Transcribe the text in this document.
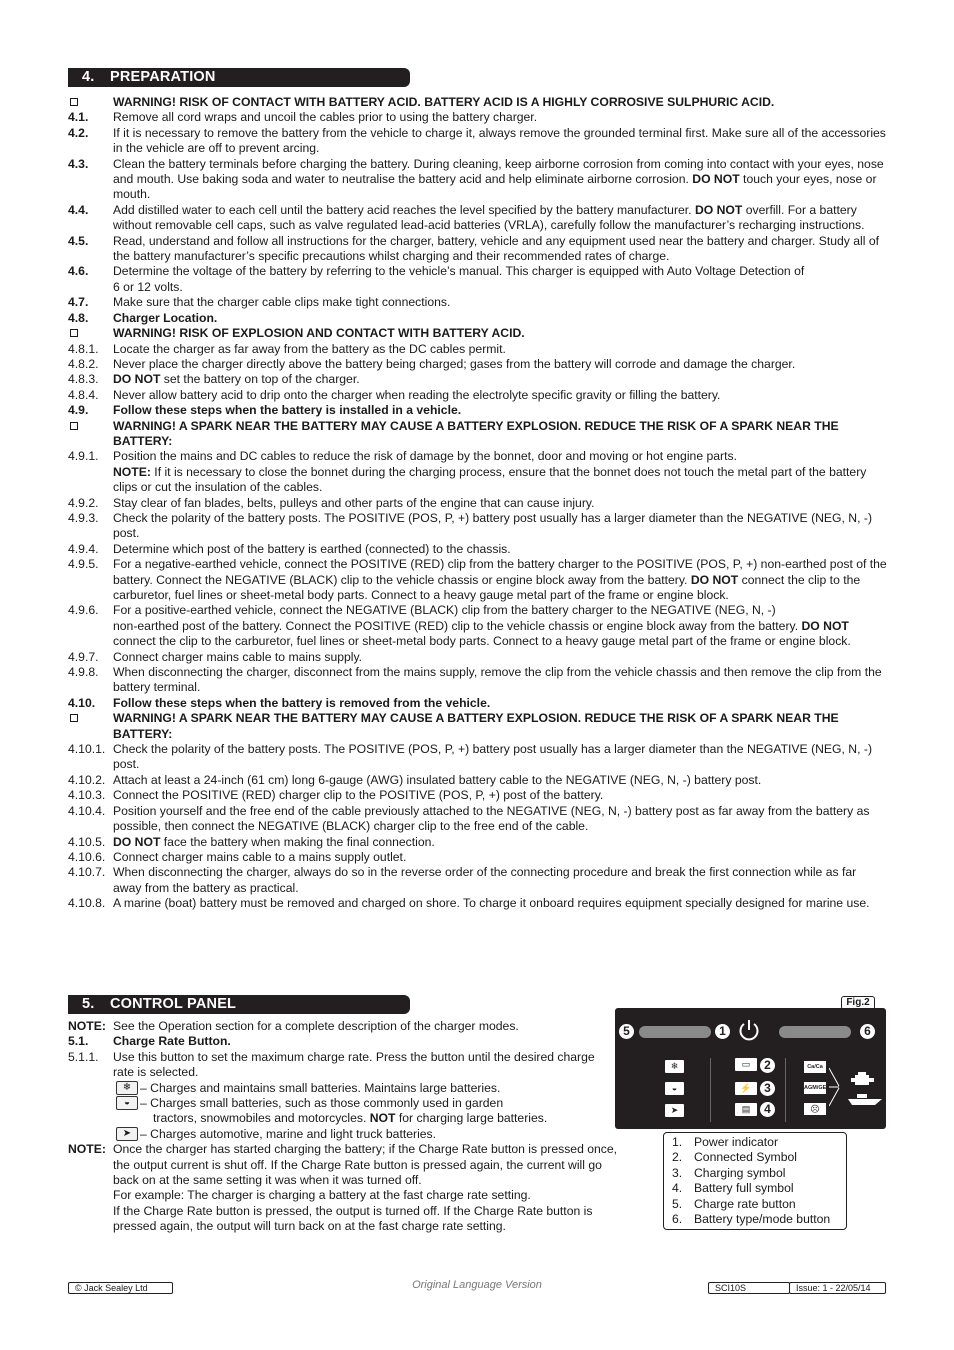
4. PREPARATION
WARNING! RISK OF CONTACT WITH BATTERY ACID. BATTERY ACID IS A HIGHLY CORROSIVE SULPHURIC ACID.
4.1.	Remove all cord wraps and uncoil the cables prior to using the battery charger.
4.2.	If it is necessary to remove the battery from the vehicle to charge it, always remove the grounded terminal first. Make sure all of the accessories in the vehicle are off to prevent arcing.
4.3.	Clean the battery terminals before charging the battery. During cleaning, keep airborne corrosion from coming into contact with your eyes, nose and mouth. Use baking soda and water to neutralise the battery acid and help eliminate airborne corrosion. DO NOT touch your eyes, nose or mouth.
4.4.	Add distilled water to each cell until the battery acid reaches the level specified by the battery manufacturer. DO NOT overfill. For a battery without removable cell caps, such as valve regulated lead-acid batteries (VRLA), carefully follow the manufacturer’s recharging instructions.
4.5.	Read, understand and follow all instructions for the charger, battery, vehicle and any equipment used near the battery and charger. Study all of the battery manufacturer’s specific precautions whilst charging and their recommended rates of charge.
4.6.	Determine the voltage of the battery by referring to the vehicle’s manual. This charger is equipped with Auto Voltage Detection of
6 or 12 volts.
4.7.	Make sure that the charger cable clips make tight connections.
4.8.	Charger Location.
WARNING! RISK OF EXPLOSION AND CONTACT WITH BATTERY ACID.
4.8.1.	Locate the charger as far away from the battery as the DC cables permit.
4.8.2.	Never place the charger directly above the battery being charged; gases from the battery will corrode and damage the charger.
4.8.3.	DO NOT set the battery on top of the charger.
4.8.4.	Never allow battery acid to drip onto the charger when reading the electrolyte specific gravity or filling the battery.
4.9.	Follow these steps when the battery is installed in a vehicle.
WARNING! A SPARK NEAR THE BATTERY MAY CAUSE A BATTERY EXPLOSION. REDUCE THE RISK OF A SPARK NEAR THE BATTERY:
4.9.1.	Position the mains and DC cables to reduce the risk of damage by the bonnet, door and moving or hot engine parts.
NOTE: If it is necessary to close the bonnet during the charging process, ensure that the bonnet does not touch the metal part of the battery clips or cut the insulation of the cables.
4.9.2.	Stay clear of fan blades, belts, pulleys and other parts of the engine that can cause injury.
4.9.3.	Check the polarity of the battery posts. The POSITIVE (POS, P, +) battery post usually has a larger diameter than the NEGATIVE (NEG, N, -) post.
4.9.4.	Determine which post of the battery is earthed (connected) to the chassis.
4.9.5.	For a negative-earthed vehicle, connect the POSITIVE (RED) clip from the battery charger to the POSITIVE (POS, P, +) non-earthed post of the battery. Connect the NEGATIVE (BLACK) clip to the vehicle chassis or engine block away from the battery. DO NOT connect the clip to the carburetor, fuel lines or sheet-metal body parts. Connect to a heavy gauge metal part of the frame or engine block.
4.9.6.	For a positive-earthed vehicle, connect the NEGATIVE (BLACK) clip from the battery charger to the NEGATIVE (NEG, N, -)
non-earthed post of the battery. Connect the POSITIVE (RED) clip to the vehicle chassis or engine block away from the battery. DO NOT connect the clip to the carburetor, fuel lines or sheet-metal body parts. Connect to a heavy gauge metal part of the frame or engine block.
4.9.7.	Connect charger mains cable to mains supply.
4.9.8.	When disconnecting the charger, disconnect from the mains supply, remove the clip from the vehicle chassis and then remove the clip from the battery terminal.
4.10.	Follow these steps when the battery is removed from the vehicle.
WARNING! A SPARK NEAR THE BATTERY MAY CAUSE A BATTERY EXPLOSION. REDUCE THE RISK OF A SPARK NEAR THE BATTERY:
4.10.1. Check the polarity of the battery posts. The POSITIVE (POS, P, +) battery post usually has a larger diameter than the NEGATIVE (NEG, N, -) post.
4.10.2. Attach at least a 24-inch (61 cm) long 6-gauge (AWG) insulated battery cable to the NEGATIVE (NEG, N, -) battery post.
4.10.3. Connect the POSITIVE (RED) charger clip to the POSITIVE (POS, P, +) post of the battery.
4.10.4. Position yourself and the free end of the cable previously attached to the NEGATIVE (NEG, N, -) battery post as far away from the battery as possible, then connect the NEGATIVE (BLACK) charger clip to the free end of the cable.
4.10.5. DO NOT face the battery when making the final connection.
4.10.6. Connect charger mains cable to a mains supply outlet.
4.10.7. When disconnecting the charger, always do so in the reverse order of the connecting procedure and break the first connection while as far away from the battery as practical.
4.10.8. A marine (boat) battery must be removed and charged on shore. To charge it onboard requires equipment specially designed for marine use.
5. CONTROL PANEL
NOTE: See the Operation section for a complete description of the charger modes.
5.1.	Charge Rate Button.
5.1.1.	Use this button to set the maximum charge rate. Press the button until the desired charge rate is selected.
❄ – Charges and maintains small batteries. Maintains large batteries.
◒ – Charges small batteries, such as those commonly used in garden
tractors, snowmobiles and motorcycles. NOT for charging large batteries.
➤ – Charges automotive, marine and light truck batteries.
NOTE: Once the charger has started charging the battery; if the Charge Rate button is pressed once, the output current is shut off. If the Charge Rate button is pressed again, the current will go back on at the same setting it was when it was turned off.
For example: The charger is charging a battery at the fast charge rate setting.
If the Charge Rate button is pressed, the output is turned off. If the Charge Rate button is pressed again, the output will turn back on at the fast charge rate setting.
Fig.2
5	1	6
❄
◒
➤
▭	2
⚡	3
▤	4
Ca/Ca
AGM/GEL
☹
1. Power indicator
2. Connected Symbol
3. Charging symbol
4. Battery full symbol
5. Charge rate button
6. Battery type/mode button
© Jack Sealey Ltd	Original Language Version	SCI10S	Issue: 1 - 22/05/14
